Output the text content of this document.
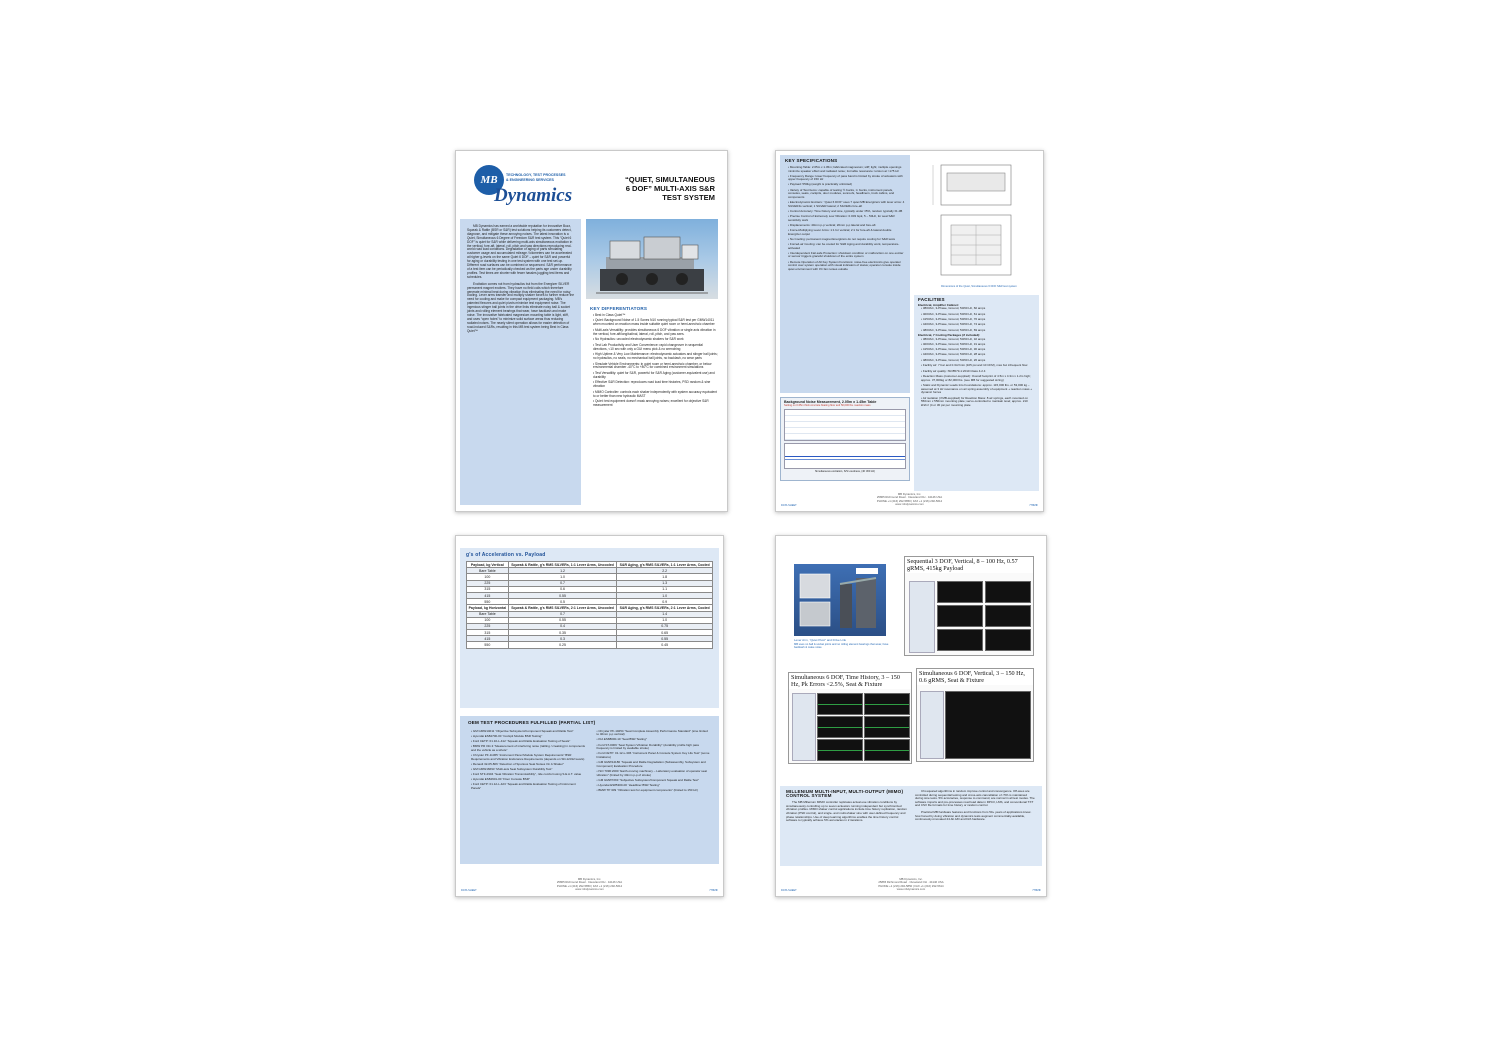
MB	TECHNOLOGY, TEST PROCESSES
& ENGINEERING SERVICES
Dynamics
“QUIET, SIMULTANEOUS
6 DOF” MULTI-AXIS S&R
TEST SYSTEM

MB Dynamics has earned a worldwide reputation for innovative Buzz, Squeak & Rattle (BSR or S&R) test solutions helping its customers detect, diagnose, and mitigate these annoying noises. The latest innovation is a Quiet, Simultaneous 6 Degree of Freedom S&R test system. This “Quiet 6 DOF” is quiet for S&R while delivering multi-axis simultaneous excitation in the vertical, fore-aft, lateral, roll, pitch and yaw directions reproducing real-world road load conditions. Degradation or aging of parts simulating customer usage and accumulated mileage / kilometers can be accelerated at higher g-levels on the same Quiet 6 DOF – quiet for S&R and powerful for aging or durability testing in one test system with one test set-up. Different road surfaces can be combined or sequenced. S&R performance of a test item can be periodically checked as the parts age under durability profiles. Test times are shorter with fewer hassles juggling test items and schedules.

Excitation comes not from hydraulics but from the Energizer SILVER permanent magnet exciters. They have no field coils which therefore generate minimal heat during vibration thus eliminating the need for noisy cooling. Lever arms transfer and multiply shaker forces to further reduce the need for cooling and make for compact equipment packaging. MB's patented flexures and quiet pivots minimize test equipment noise. The ingenious stinger ball joints in the drive links eliminate noisy ball & socket joints and rolling element bearings that wear, have backlash and make noise. The innovative fabricated magnesium mounting table is light, stiff, and uses “open holes” to minimize solid surface areas thus reducing radiated noises. The nearly silent operation allows for easier detection of road-induced S&Rs, resulting in this MB test system being Best in Class Quiet™

KEY DIFFERENTIATORS
• Best in Class Quiet™
• Quiet: Background Noise of 1.5 Sones N10 running typical S&R test per GMW14011 when mounted on reaction mass inside suitable quiet room or hemi-anechoic chamber
• Multi-axis Versatility: provides simultaneous 6 DOF vibration or single axis vibration in the vertical, fore-aft/longitudinal, lateral, roll, pitch, and yaw axes.
• No Hydraulics: uncooled electrodynamic shakers for S&R work
• Test Lab Productivity and User Convenience: rapid changeover in sequential directions, <10 sec with only a GUI menu pick & no wrenching
• High Uptime & Very Low Maintenance: electrodynamic actuators and stinger ball joints; no hydraulics, no seals, no mechanical ball joints, no backlash, no wear parts
• Simulate Vehicle Environments: in quiet room or hemi-anechoic chamber, or below environmental chamber -40°C to +80°C for combined environment simulations
• Test Versatility: quiet for S&R, powerful for S&R Aging (customer-equivalent use) and durability
• Effective S&R Detection: reproduces road load time histories, PSD random & sine vibration
• MIMO Controller: controls each shaker independently with system accuracy equivalent to or better than new hydraulic MAST
• Quiet: test equipment doesn't mask annoying noises; excellent for objective S&R measurement
KEY SPECIFICATIONS
• Mounting Table: 2.05m x 1.45m; fabricated magnesium; stiff; light; multiple openings minimize speaker effect and radiated noise; 1st table resonance: torsion at >175 Hz
• Frequency Range: lower frequency of pass band is limited by stroke of actuators with upper frequency of 150 Hz
• Payload: 550kg (weight is practically unlimited)
• Variety of Test Items: capable of testing ½ bucks, ¾ bucks, instrument panels, consoles, seats, cockpits, door modules, sunroofs, headliners, truck cabins, and components
• Electrodynamic Exciters: “Quiet 6 DOF” uses 7 quiet MB Energizers with lever arms: 4 SILVER4s vertical; 1 SILVER lateral; 2 SILVERs fore-aft
• Control Accuracy: Time history and sine, typically under ±5%, random typically ±1 dB
• Precise Control of Extremely Low Vibration: 0.003 Gpk, 5 – 50Hz, for seat S&R sensitivity work
• Displacements: 40mm p-p vertical; 20mm p-p lateral and fore-aft
• Force-Multiplying Lever Arms: 1:1 for vertical; 2:1 for fore-aft & lateral double Energizer output
• No Cooling: permanent magnet Energizers do not require cooling for S&R tests
• Forced-air Cooling: can be cooled for S&R Aging and durability work, temperature-activated
• Interdependent Fail-safe Protection: shutdown condition or malfunction on one exciter or sensor triggers graceful shutdown of the entire system
• Remote Operation of All Key System Functions: noise-free electronics give operator control over system operation with visual indicators of status; operator console inside quiet environment with I²C fan noises outside
Background Noise Measurement, 2.05m x 1.45m Table
Setting on 0.65m thick concrete floating floor and 50,000 lbs. reaction mass
Simultaneous excitation, S/S Loudness, (4F 300 Hz)
Dimensions of the Quiet, Simultaneous 6 DOF S&R test system
FACILITIES
Electrical, Amplifier Cabinet:
• 380VAC, 3-Phase, Ground, 50/60 Hz, 60 amps
• 400VAC, 3-Phase, Ground, 50/60 Hz, 61 amps
• 415VAC, 3-Phase, Ground, 50/60 Hz, 76 amps
• 440VAC, 3-Phase, Ground, 50/60 Hz, 74 amps
• 480VAC, 3-Phase, Ground, 50/60 Hz, 69 amps
Electrical, 7 Cooling Packages (if included):
• 380VAC, 3-Phase, Ground, 50/60 Hz, 32 amps
• 400VAC, 3-Phase, Ground, 50/60 Hz, 31 amps
• 415VAC, 3-Phase, Ground, 50/60 Hz, 30 amps
• 440VAC, 3-Phase, Ground, 50/60 Hz, 28 amps
• 480VAC, 3-Phase, Ground, 50/60 Hz, 26 amps
• Facility air: 7 bar and 0.3m³/min (105 psi and 10 CFM), max but infrequent flow
• Facility air quality: ISO8573-1:2010 Class 4.2.4
• Reaction Mass (customer-supplied): Overall footprint of 4.5m x 4.3m x 1.2m high; approx. 37,000kg or 82,000 lbs. (see MB for suggested sizing)
• Static and Dynamic Loads Into Foundations: approx. 115,000 lbs. or 53,000 kg – assumed at 3 Hz resonance on air spring assembly of equipment + reaction mass + dynamic forces
• Air isolation (if MB-supplied) for Reaction Mass: 8 air springs, each mounted on 550mm x 550mm mounting plate; servo-controlled to maintain level; approx. 210 kN/m² (4 or 30 psi per mounting plate
MB Dynamics, Inc.
25865 Richmond Road · Cleveland OH · 44146 USA
PHONE +1 (216) 292-5850 | FAX +1 (216) 292-5614
www.mbdynamics.com
DATA SHEET	778MIF
g's of Acceleration vs. Payload
Payload, kg Vertical	Squeak & Rattle, g's RMS SILVERs, 1:1 Lever Arms, Uncooled	S&R Aging, g's RMS SILVERs, 1:1 Lever Arms, Cooled
Bare Table	1.2	2.2
100	1.0	1.8
225	0.7	1.3
315	0.6	1.1
415	0.55	1.0
550	0.5	0.9
Payload, kg Horizontal	Squeak & Rattle, g's RMS SILVERs, 2:1 Lever Arms, Uncooled	S&R Aging, g's RMS SILVERs, 2:1 Lever Arms, Cooled
Bare Table	0.7	1.4
100	0.55	1.0
225	0.4	0.75
315	0.35	0.65
415	0.3	0.55
550	0.25	0.45
OEM TEST PROCEDURES FULFILLED (PARTIAL LIST)
• GM GMW14011 “Objective Subsystem/Component Squeak and Rattle Test”
• Hyundai ES84700-00 “Cockpit Module BSR Testing”
• Ford CETP: 01.10-L-412 “Squeak and Rattle Evaluation Testing of Seats”
• BMW PR 311.3 “Measurement of interfering noise (rattling / creaking) in components and the vehicle as a whole”
• Chrysler PF-11365 “Instrument Panel Module System Requirements” BSR Requirements and Vibration Endurance Requirements (depends on SD-12312 levels)
• Renault 32-05-806 “Detection of Spurious Seat Noises On A Shaker”
• GM GMW16693 “Multi-axis Seat Subsystem Durability Test”
• Ford STF-2904 “Seat Vibration Transmissibility”, ride comfort using S.E.A.T. value
• Hyundai ES84601-00 “Floor Console BSR”
• Ford CETP: 01.12-L-423 “Squeak and Rattle Evaluation Testing of Instrument Panels”
• Chrysler PF-10254 “Seat Complete Assembly Performance Standard” (sine limited to 40mm p-p vertical)
• KIA ES88000-10 “Seat BSR Testing”
• Ford ST-0009 “Seat System Vibration Durability” (durability profile high pass frequency is limited by available stroke)
• Ford CETP: 01.12-L-306 “Instrument Panel & Console System Key Life Test” (some limitations)
• GM GMW14186 “Squeak and Rattle Degradation (Subassembly, Subsystem and Component) Evaluation Procedure
• ISO 7096:2000 “Earth-moving machinery – Laboratory evaluation of operator seat vibration” (limited by 40mm p-p of stroke)
• GM GMW7293 “Subjective Subsystem/Component Squeak and Rattle Test”
• Hyundai ES85300-00 “Headliner BSR Testing”
• BMW TP 309 “Vibration test for equipment components” (limited to 150 Hz)
MB Dynamics, Inc.
25865 Richmond Road · Cleveland OH · 44146 USA
PHONE +1 (216) 292-5850 | FAX +1 (216) 292-5614
www.mbdynamics.com
DATA SHEET	778MIF
Lever Arm, “Quiet Pivot” and Drive Link
MB uses no ball & socket joints and no rolling element bearings that wear, have backlash & make noise
Sequential 3 DOF, Vertical, 8 – 100 Hz, 0.57 gRMS, 415kg Payload
Simultaneous 6 DOF, Time History, 3 – 150 Hz, Pk Errors <2.5%, Seat & Fixture
Simultaneous 6 DOF, Vertical, 3 – 150 Hz, 0.6 gRMS, Seat & Fixture
MILLENIUM MULTI-INPUT, MULTI-OUTPUT (MIMO) CONTROL SYSTEM

The MB Millenium MIMO controller replicates actual-use vibration conditions by simultaneously controlling up to seven actuators running independent but synchronized vibration profiles. MIMO shaker control applications include time history replication, random vibration (PSD control), and single- and multi-shaker sine with user-defined frequency and phase relationships. Use of deep learning algorithms enables the time history control software to typically achieve 5% accuracies in 2 iterations.

Chi-squared algorithms in random improve control and convergence. Off-axes are controlled during sequential testing and cross-axis cancellation of <5% is maintained during sine tests. 5% accuracies, response to command, are normal in all test modes. The software imports and pre-processes road load data in RPC3, LMS, and conventional TXT and CSV file formats for time history or random control.

Practical MB hardware features and functions from 50+ years of applications know-how honed by doing vibration and dynamics tests augment commercially-available, continuously-innovated 24-bit A/D and D/A hardware.

MB Dynamics, Inc.
25865 Richmond Road · Cleveland OH · 44146 USA
PHONE +1 (216) 292-5850 | FAX +1 (216) 292-5614
www.mbdynamics.com
DATA SHEET	778MIF
